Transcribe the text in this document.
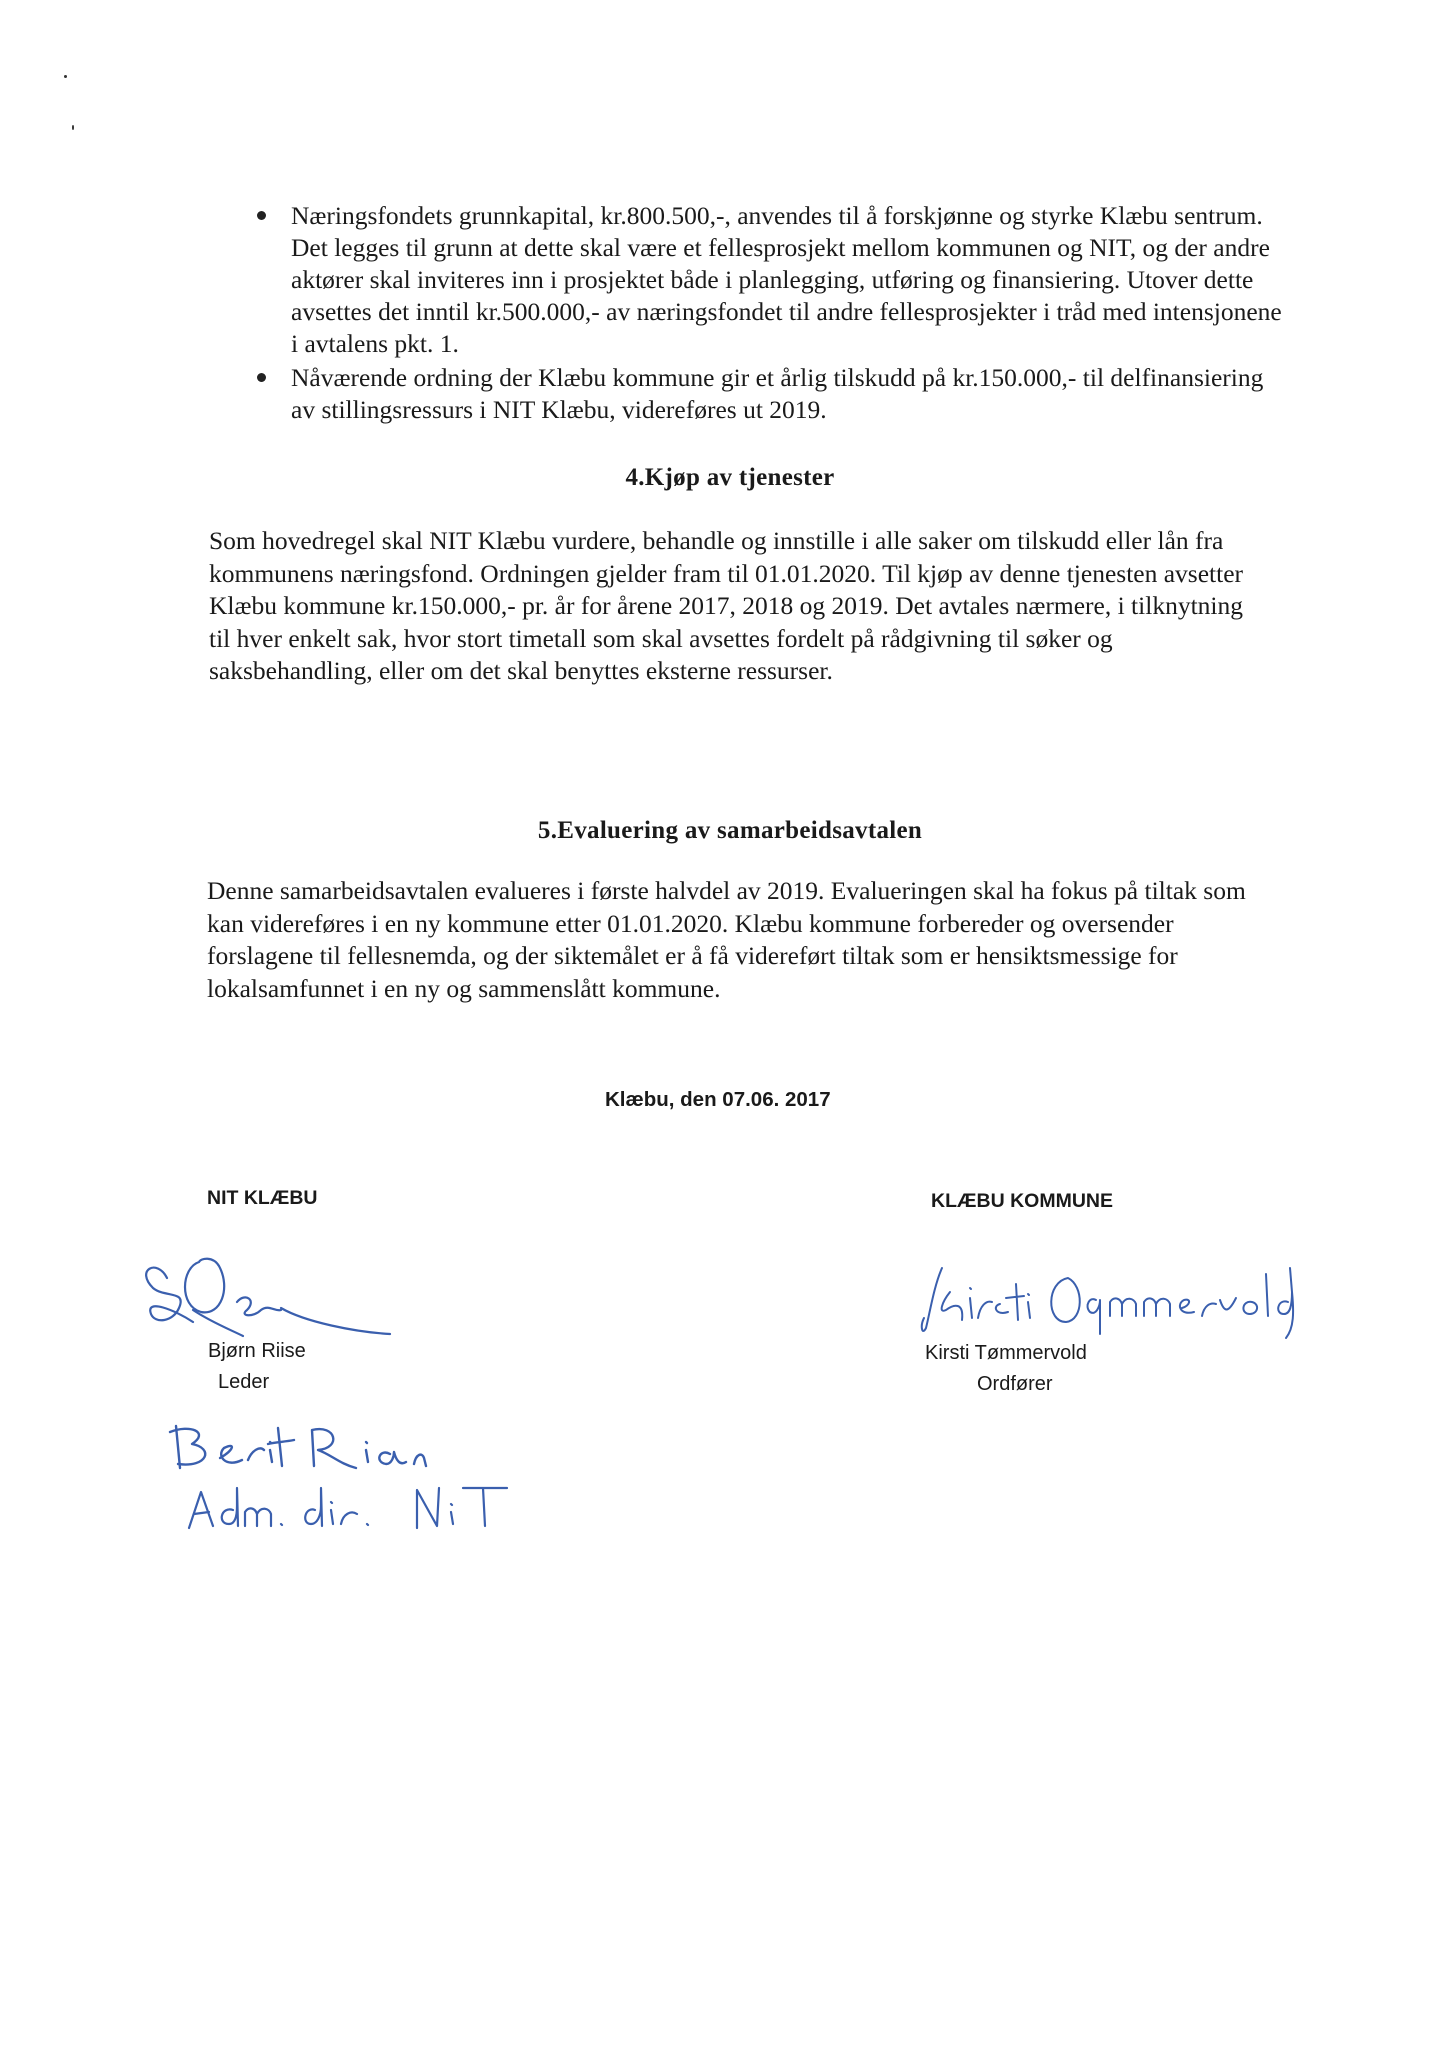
Næringsfondets grunnkapital, kr.800.500,-, anvendes til å forskjønne og styrke Klæbu sentrum. Det legges til grunn at dette skal være et fellesprosjekt mellom kommunen og NIT, og der andre aktører skal inviteres inn i prosjektet både i planlegging, utføring og finansiering. Utover dette avsettes det inntil kr.500.000,- av næringsfondet til andre fellesprosjekter i tråd med intensjonene i avtalens pkt. 1.
Nåværende ordning der Klæbu kommune gir et årlig tilskudd på kr.150.000,- til delfinansiering av stillingsressurs i NIT Klæbu, videreføres ut 2019.
4.Kjøp av tjenester

Som hovedregel skal NIT Klæbu vurdere, behandle og innstille i alle saker om tilskudd eller lån fra kommunens næringsfond. Ordningen gjelder fram til 01.01.2020. Til kjøp av denne tjenesten avsetter Klæbu kommune kr.150.000,- pr. år for årene 2017, 2018 og 2019. Det avtales nærmere, i tilknytning til hver enkelt sak, hvor stort timetall som skal avsettes fordelt på rådgivning til søker og saksbehandling, eller om det skal benyttes eksterne ressurser.

5.Evaluering av samarbeidsavtalen

Denne samarbeidsavtalen evalueres i første halvdel av 2019. Evalueringen skal ha fokus på tiltak som kan videreføres i en ny kommune etter 01.01.2020. Klæbu kommune forbereder og oversender forslagene til fellesnemda, og der siktemålet er å få videreført tiltak som er hensiktsmessige for lokalsamfunnet i en ny og sammenslått kommune.

Klæbu, den 07.06. 2017
NIT KLÆBU	KLÆBU KOMMUNE
Bjørn Riise
Leder
Kirsti Tømmervold
Ordfører
